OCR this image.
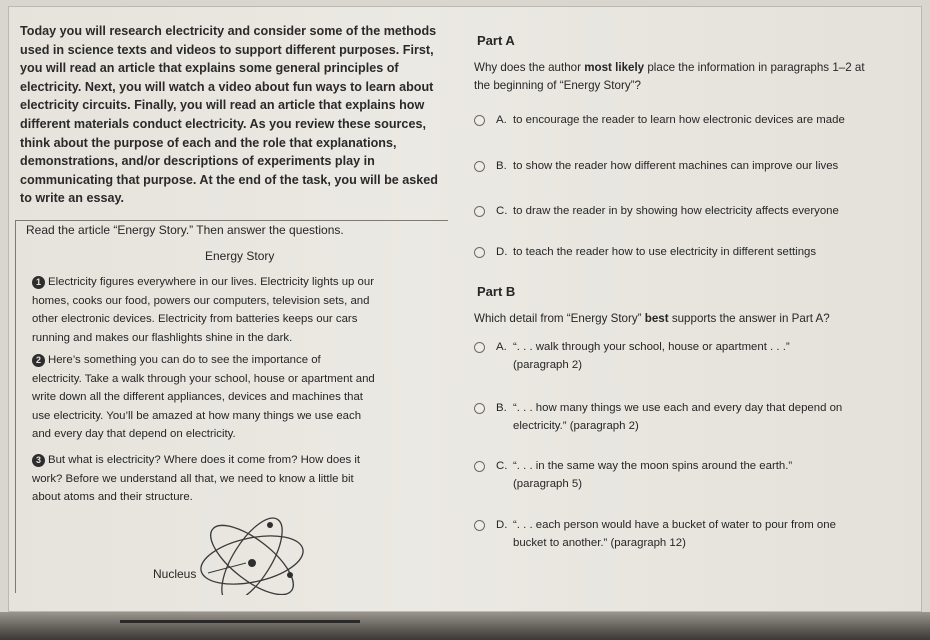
Today you will research electricity and consider some of the methods
used in science texts and videos to support different purposes. First,
you will read an article that explains some general principles of
electricity. Next, you will watch a video about fun ways to learn about
electricity circuits. Finally, you will read an article that explains how
different materials conduct electricity. As you review these sources,
think about the purpose of each and the role that explanations,
demonstrations, and/or descriptions of experiments play in
communicating that purpose. At the end of the task, you will be asked
to write an essay.
Read the article “Energy Story.” Then answer the questions.
Energy Story
1 Electricity figures everywhere in our lives. Electricity lights up our
homes, cooks our food, powers our computers, television sets, and
other electronic devices. Electricity from batteries keeps our cars
running and makes our flashlights shine in the dark.
2 Here’s something you can do to see the importance of
electricity. Take a walk through your school, house or apartment and
write down all the different appliances, devices and machines that
use electricity. You’ll be amazed at how many things we use each
and every day that depend on electricity.
3 But what is electricity? Where does it come from? How does it
work? Before we understand all that, we need to know a little bit
about atoms and their structure.
Nucleus
Part A
Why does the author most likely place the information in paragraphs 1–2 at
the beginning of “Energy Story”?
A. to encourage the reader to learn how electronic devices are made
B. to show the reader how different machines can improve our lives
C. to draw the reader in by showing how electricity affects everyone
D. to teach the reader how to use electricity in different settings
Part B
Which detail from “Energy Story” best supports the answer in Part A?
A. “. . . walk through your school, house or apartment . . .”
(paragraph 2)
B. “. . . how many things we use each and every day that depend on
electricity.” (paragraph 2)
C. “. . . in the same way the moon spins around the earth.”
(paragraph 5)
D. “. . . each person would have a bucket of water to pour from one
bucket to another.” (paragraph 12)
